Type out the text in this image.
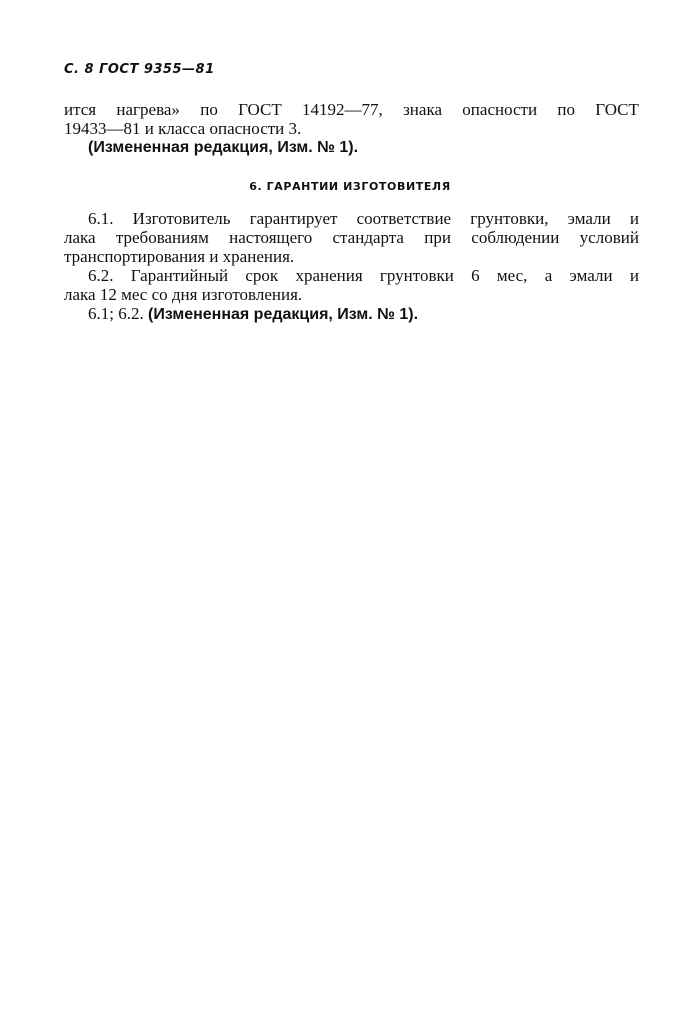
С. 8 ГОСТ 9355—81
ится нагрева» по ГОСТ 14192—77, знака опасности по ГОСТ
19433—81 и класса опасности 3.
(Измененная редакция, Изм. № 1).
6. ГАРАНТИИ ИЗГОТОВИТЕЛЯ
6.1. Изготовитель гарантирует соответствие грунтовки, эмали и
лака требованиям настоящего стандарта при соблюдении условий
транспортирования и хранения.
6.2. Гарантийный срок хранения грунтовки 6 мес, а эмали и
лака 12 мес со дня изготовления.
6.1; 6.2. (Измененная редакция, Изм. № 1).
